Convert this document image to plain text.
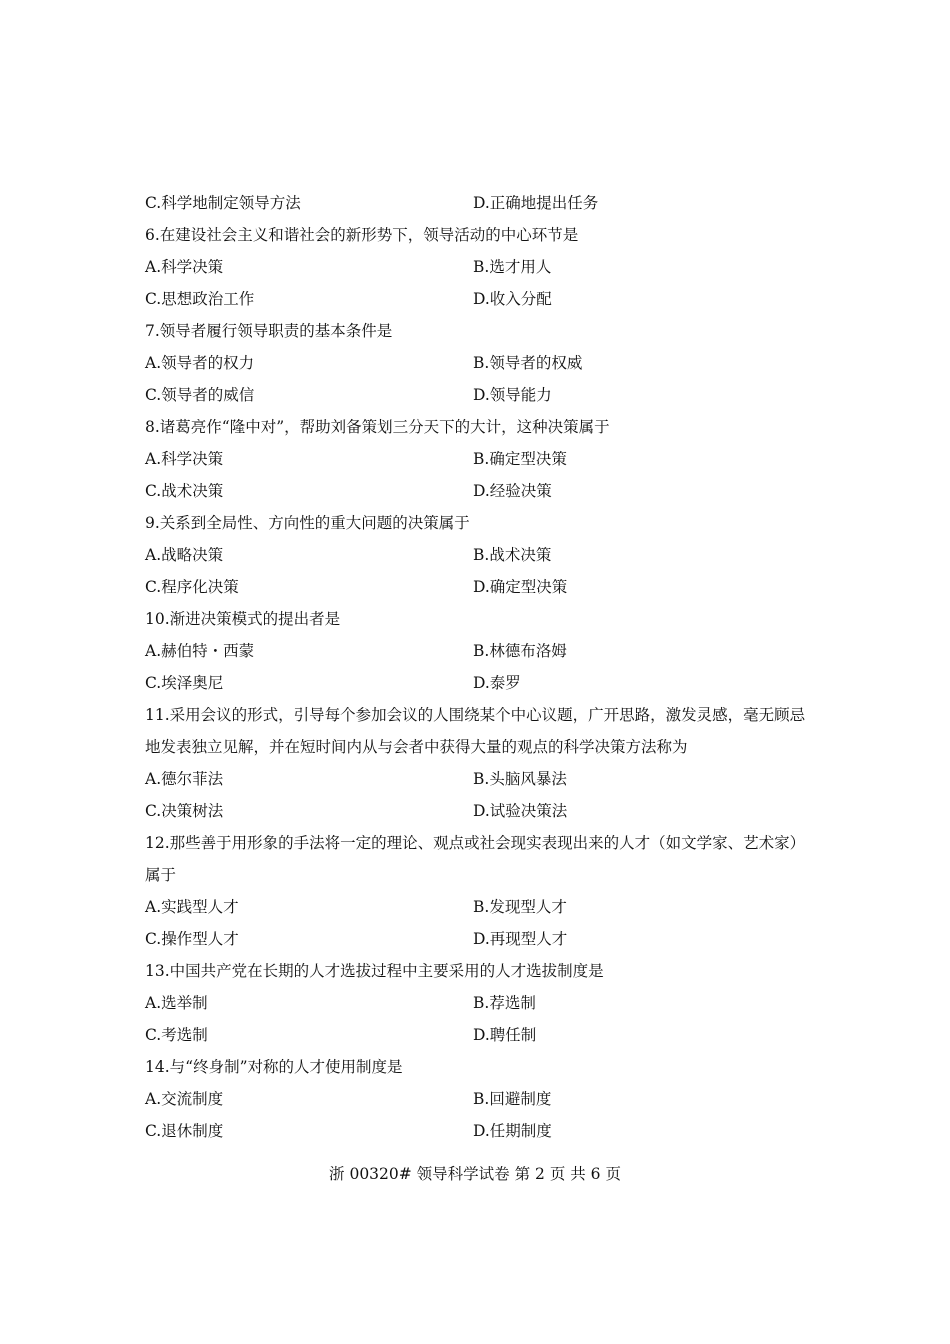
C.科学地制定领导方法	D.正确地提出任务
6.在建设社会主义和谐社会的新形势下，领导活动的中心环节是
A.科学决策	B.选才用人
C.思想政治工作	D.收入分配
7.领导者履行领导职责的基本条件是
A.领导者的权力	B.领导者的权威
C.领导者的威信	D.领导能力
8.诸葛亮作“隆中对”，帮助刘备策划三分天下的大计，这种决策属于
A.科学决策	B.确定型决策
C.战术决策	D.经验决策
9.关系到全局性、方向性的重大问题的决策属于
A.战略决策	B.战术决策
C.程序化决策	D.确定型决策
10.渐进决策模式的提出者是
A.赫伯特・西蒙	B.林德布洛姆
C.埃泽奥尼	D.泰罗
11.采用会议的形式，引导每个参加会议的人围绕某个中心议题，广开思路，激发灵感，毫无顾忌地发表独立见解，并在短时间内从与会者中获得大量的观点的科学决策方法称为
A.德尔菲法	B.头脑风暴法
C.决策树法	D.试验决策法
12.那些善于用形象的手法将一定的理论、观点或社会现实表现出来的人才（如文学家、艺术家）属于
A.实践型人才	B.发现型人才
C.操作型人才	D.再现型人才
13.中国共产党在长期的人才选拔过程中主要采用的人才选拔制度是
A.选举制	B.荐选制
C.考选制	D.聘任制
14.与“终身制”对称的人才使用制度是
A.交流制度	B.回避制度
C.退休制度	D.任期制度
浙 00320# 领导科学试卷 第 2 页 共 6 页
